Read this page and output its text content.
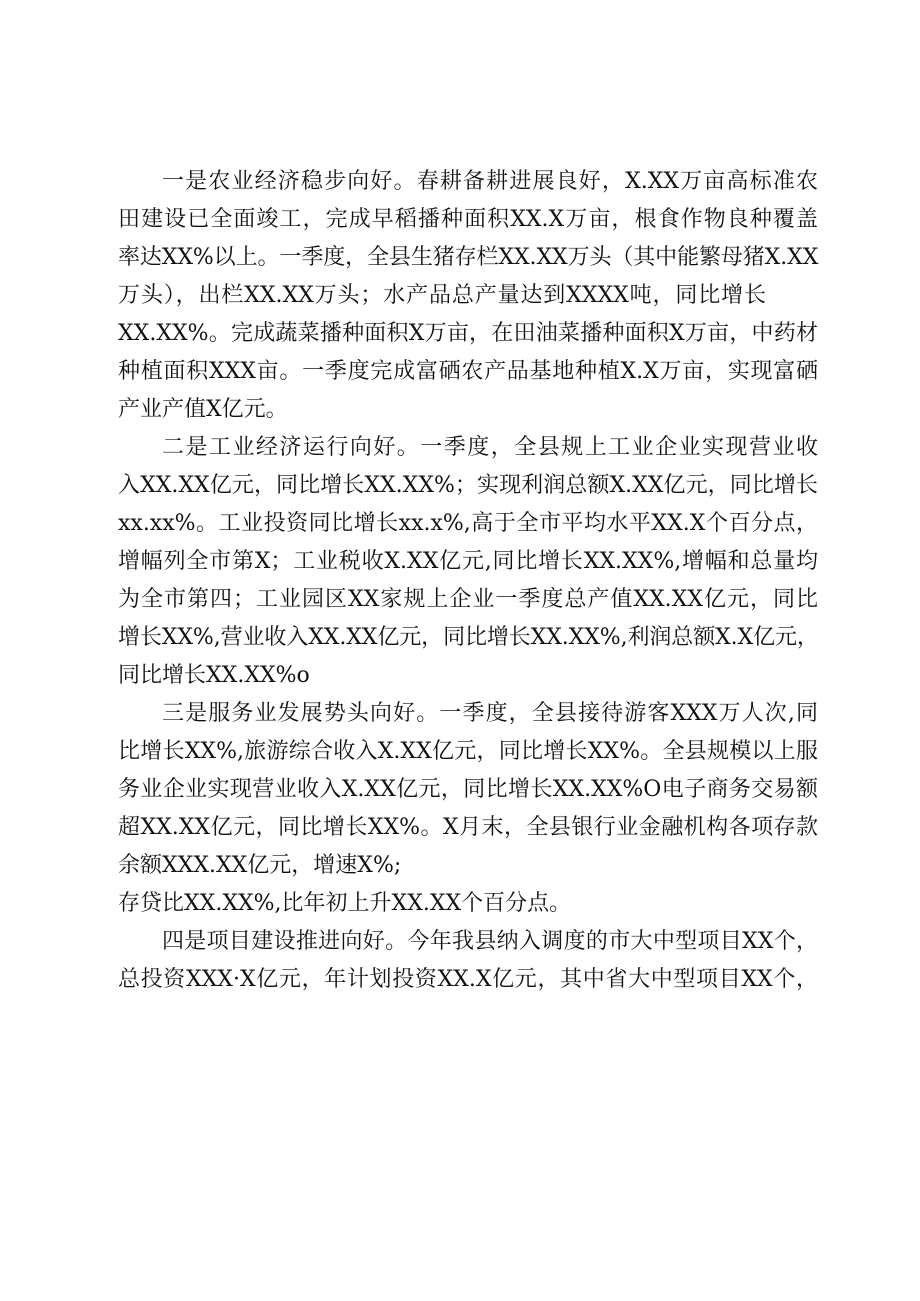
一是农业经济稳步向好。春耕备耕进展良好，X.XX万亩高标准农
田建设已全面竣工，完成早稻播种面积XX.X万亩，根食作物良种覆盖
率达XX%以上。一季度，全县生猪存栏XX.XX万头（其中能繁母猪X.XX
万头），出栏XX.XX万头；水产品总产量达到XXXX吨，同比增长
XX.XX%。完成蔬菜播种面积X万亩，在田油菜播种面积X万亩，中药材
种植面积XXX亩。一季度完成富硒农产品基地种植X.X万亩，实现富硒
产业产值X亿元。

二是工业经济运行向好。一季度，全县规上工业企业实现营业收
入XX.XX亿元，同比增长XX.XX%；实现利润总额X.XX亿元，同比增长
xx.xx%。工业投资同比增长xx.x%,高于全市平均水平XX.X个百分点，
增幅列全市第X；工业税收X.XX亿元,同比增长XX.XX%,增幅和总量均
为全市第四；工业园区XX家规上企业一季度总产值XX.XX亿元，同比
增长XX%,营业收入XX.XX亿元，同比增长XX.XX%,利润总额X.X亿元，
同比增长XX.XX%o

三是服务业发展势头向好。一季度，全县接待游客XXX万人次,同
比增长XX%,旅游综合收入X.XX亿元，同比增长XX%。全县规模以上服
务业企业实现营业收入X.XX亿元，同比增长XX.XX%O电子商务交易额
超XX.XX亿元，同比增长XX%。X月末，全县银行业金融机构各项存款
余额XXX.XX亿元，增速X%;

存贷比XX.XX%,比年初上升XX.XX个百分点。

四是项目建设推进向好。今年我县纳入调度的市大中型项目XX个，
总投资XXX·X亿元，年计划投资XX.X亿元，其中省大中型项目XX个，
